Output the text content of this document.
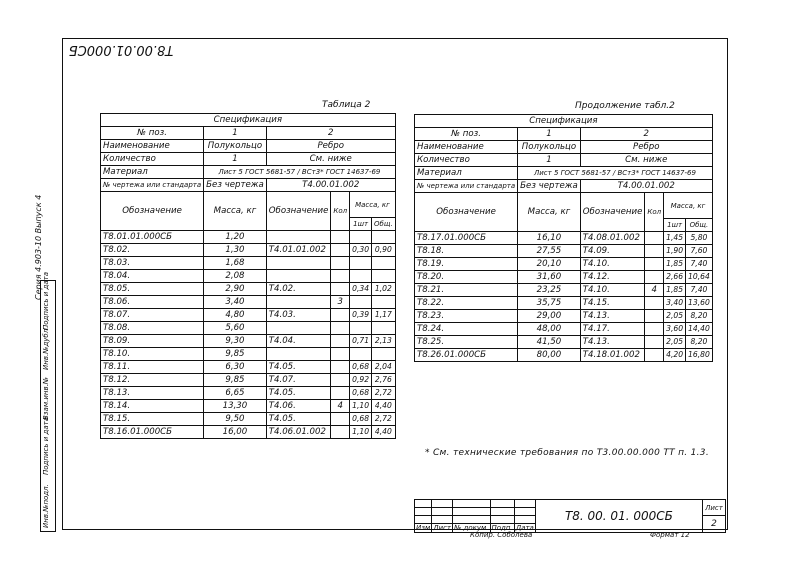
Т8.00.01.000СБ
Серия 4.903-10 Выпуск 4
Инв.№подл.
Подпись и дата
Взам.инв.№
Инв.№дубл.
Подпись и дата
Таблица 2
Спецификация					
№ поз.	1	2			
Наименование	Полукольцо	Ребро			
Количество	1	См. ниже			
Материал	Лист 5 ГОСТ 5681-57 / ВСт3* ГОСТ 14637-69				
№ чертежа или стандарта	Без чертежа	Т4.00.01.002			
Обозначение	Масса, кг	Обозначение	Кол	Масса, кг	
				1шт	Общ.
Т8.01.01.000СБ	1,20				
Т8.02.	1,30	Т4.01.01.002		0,30	0,90
Т8.03.	1,68				
Т8.04.	2,08				
Т8.05.	2,90	Т4.02.		0,34	1,02
Т8.06.	3,40		3		
Т8.07.	4,80	Т4.03.		0,39	1,17
Т8.08.	5,60				
Т8.09.	9,30	Т4.04.		0,71	2,13
Т8.10.	9,85				
Т8.11.	6,30	Т4.05.		0,68	2,04
Т8.12.	9,85	Т4.07.		0,92	2,76
Т8.13.	6,65	Т4.05.		0,68	2,72
Т8.14.	13,30	Т4.06.	4	1,10	4,40
Т8.15.	9,50	Т4.05.		0,68	2,72
Т8.16.01.000СБ	16,00	Т4.06.01.002		1,10	4,40
Продолжение табл.2
Спецификация					
№ поз.	1	2			
Наименование	Полукольцо	Ребро			
Количество	1	См. ниже			
Материал	Лист 5 ГОСТ 5681-57 / ВСт3* ГОСТ 14637-69				
№ чертежа или стандарта	Без чертежа	Т4.00.01.002			
Обозначение	Масса, кг	Обозначение	Кол	Масса, кг	
				1шт	Общ.
Т8.17.01.000СБ	16,10	Т4.08.01.002		1,45	5,80
Т8.18.	27,55	Т4.09.		1,90	7,60
Т8.19.	20,10	Т4.10.		1,85	7,40
Т8.20.	31,60	Т4.12.		2,66	10,64
Т8.21.	23,25	Т4.10.	4	1,85	7,40
Т8.22.	35,75	Т4.15.		3,40	13,60
Т8.23.	29,00	Т4.13.		2,05	8,20
Т8.24.	48,00	Т4.17.		3,60	14,40
Т8.25.	41,50	Т4.13.		2,05	8,20
Т8.26.01.000СБ	80,00	Т4.18.01.002		4,20	16,80
* См. технические требования по Т3.00.00.000 ТТ п. 1.3.
					Т8. 00. 01. 000СБ	Лист

						2
Изм	Лист	№ докум.	Подп.	Дата		
Копир. Соболева	Формат 12
